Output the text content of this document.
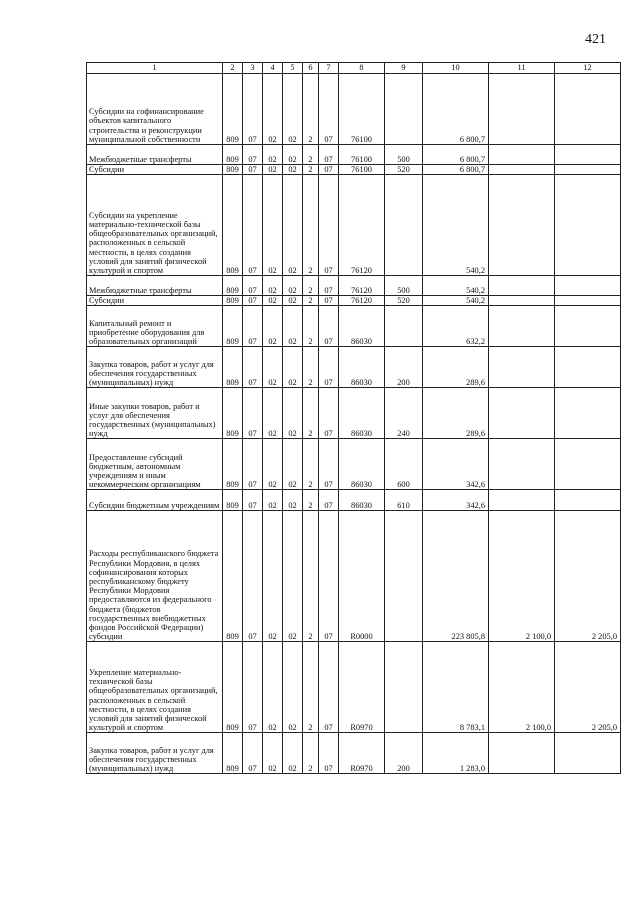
421
1	2	3	4	5	6	7	8	9	10	11	12
Субсидии на софинансирование объектов капитального строительства и реконструкции муниципальной собственности	809	07	02	02	2	07	76100		6 800,7		
Межбюджетные трансферты	809	07	02	02	2	07	76100	500	6 800,7		
Субсидии	809	07	02	02	2	07	76100	520	6 800,7		
Субсидии на укрепление материально-технической базы общеобразовательных организаций, расположенных в сельской местности, в целях создания условий для занятий физической культурой и спортом	809	07	02	02	2	07	76120		540,2		
Межбюджетные трансферты	809	07	02	02	2	07	76120	500	540,2		
Субсидии	809	07	02	02	2	07	76120	520	540,2		
Капитальный ремонт и приобретение оборудования для образовательных организаций	809	07	02	02	2	07	86030		632,2		
Закупка товаров, работ и услуг для обеспечения государственных (муниципальных) нужд	809	07	02	02	2	07	86030	200	289,6		
Иные закупки товаров, работ и услуг для обеспечения государственных (муниципальных) нужд	809	07	02	02	2	07	86030	240	289,6		
Предоставление субсидий бюджетным, автономным учреждениям и иным некоммерческим организациям	809	07	02	02	2	07	86030	600	342,6		
Субсидии бюджетным учреждениям	809	07	02	02	2	07	86030	610	342,6		
Расходы республиканского бюджета Республики Мордовия, в целях софинансирования которых республиканскому бюджету Республики Мордовия предоставляются из федерального бюджета (бюджетов государственных внебюджетных фондов Российской Федерации) субсидии	809	07	02	02	2	07	R0000		223 805,8	2 100,0	2 205,0
Укрепление материально-технической базы общеобразовательных организаций, расположенных в сельской местности, в целях создания условий для занятий физической культурой и спортом	809	07	02	02	2	07	R0970		8 783,1	2 100,0	2 205,0
Закупка товаров, работ и услуг для обеспечения государственных (муниципальных) нужд	809	07	02	02	2	07	R0970	200	1 283,0		
